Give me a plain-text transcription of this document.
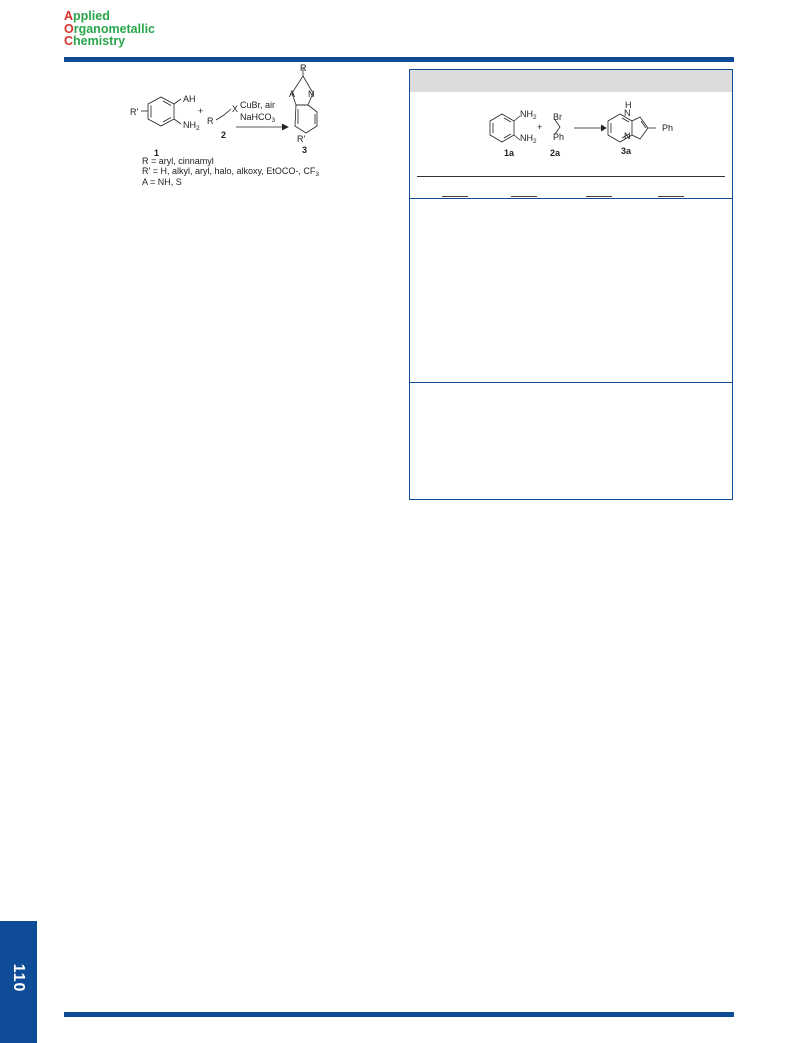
Applied
Organometallic
Chemistry
AH
$NH_2$
R'	+
R
X CuBr, air
NaHCO$_3$
R
A N
R'
1
2
3
R = aryl, cinnamyl
R' = H, alkyl, aryl, halo, alkoxy, EtOCO-, $CF_3$
A = NH, S
$NH_2$
$NH_2$
+
Br
Ph
H
N
N
Ph
1a	2a	3a
110
